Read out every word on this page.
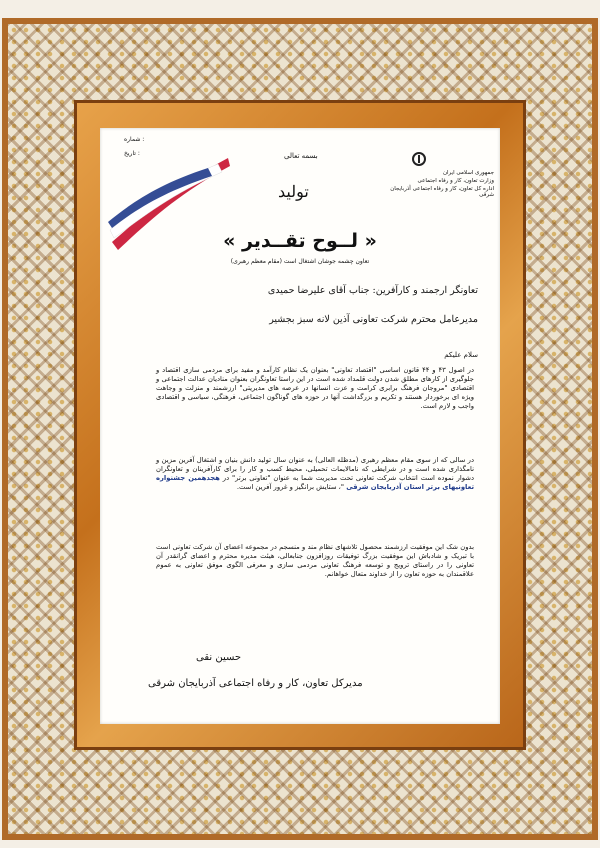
شماره :
تاریخ :	بسمه تعالی
جمهوری اسلامی ایران
وزارت تعاون، کار و رفاه اجتماعی
اداره کل تعاون، کار و رفاه اجتماعی آذربایجان شرقی
تولید
« لــوح تقــدیر »
تعاون چشمه جوشان اشتغال است (مقام معظم رهبری)
تعاونگر ارجمند و کارآفرین: جناب آقای علیرضا حمیدی
مدیرعامل محترم شرکت تعاونی آذین لانه سبز بجشیر
سلام علیکم
در اصول ۴۳ و ۴۴ قانون اساسی "اقتصاد تعاونی" بعنوان یک نظام کارآمد و مفید برای مردمی سازی اقتصاد و جلوگیری از کارهای مطلق شدن دولت قلمداد شده است در این راستا تعاونگران بعنوان منادیان عدالت اجتماعی و اقتصادی "مروجان فرهنگ برابری کرامت و عزت انسانها در عرصه های مدیریتی" ارزشمند و منزلت و وجاهت ویژه ای برخوردار هستند و تکریم و بزرگداشت آنها در حوزه های گوناگون اجتماعی، فرهنگی، سیاسی و اقتصادی واجب و لازم است.
در سالی که از سوی مقام معظم رهبری (مدظله العالی) به عنوان سال تولید دانش بنیان و اشتغال آفرین مزین و نامگذاری شده است و در شرایطی که نامالایمات تحمیلی، محیط کسب و کار را برای کارآفرینان و تعاونگران دشوار نموده است انتخاب شرکت تعاونی تحت مدیریت شما به عنوان "تعاونی برتر" در هجدهمین جشنواره تعاونیهای برتر استان آذربایجان شرقی "، ستایش برانگیز و غرور آفرین است.
بدون شک این موفقیت ارزشمند محصول تلاشهای نظام مند و منسجم در مجموعه اعضای آن شرکت تعاونی است با تبریک و شادباش این موفقیت بزرگ توفیقات روزافزون جنابعالی، هیئت مدیره محترم و اعضای گرانقدر آن تعاونی را در راستای ترویج و توسعه فرهنگ تعاونی مردمی سازی و معرفی الگوی موفق تعاونی به عموم علاقمندان به حوزه تعاون را از خداوند متعال خواهانم.
حسین نقی
مدیرکل تعاون، کار و رفاه اجتماعی آذربایجان شرقی
